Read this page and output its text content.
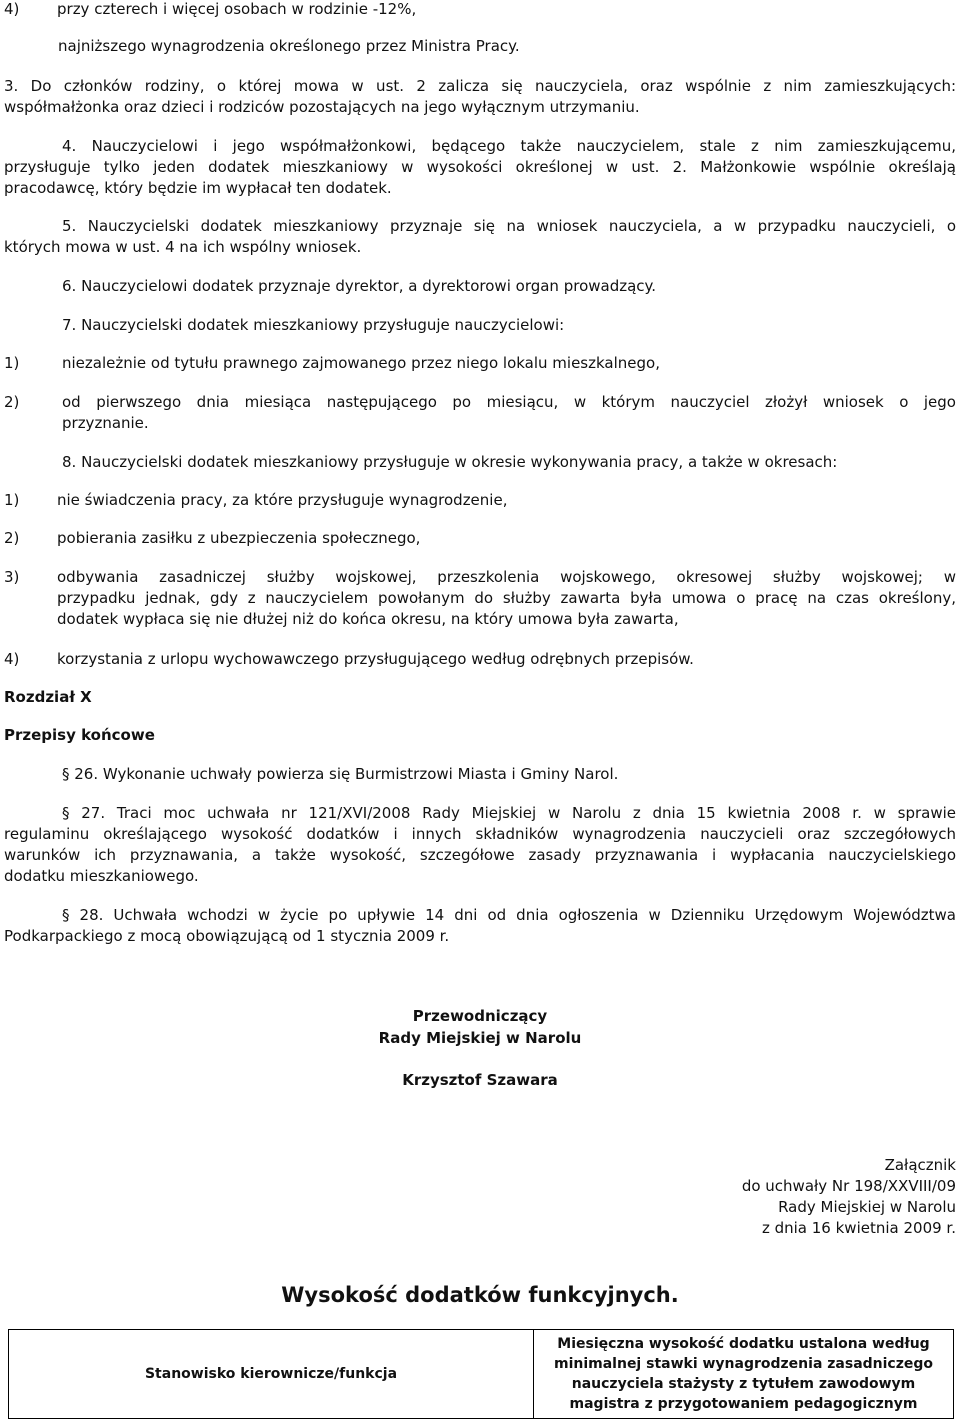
4)	przy czterech i więcej osobach w rodzinie -12%,
najniższego wynagrodzenia określonego przez Ministra Pracy.
3. Do członków rodziny, o której mowa w ust. 2 zalicza się nauczyciela, oraz wspólnie z nim zamieszkujących:
współmałżonka oraz dzieci i rodziców pozostających na jego wyłącznym utrzymaniu.
4. Nauczycielowi i jego współmałżonkowi, będącego także nauczycielem, stale z nim zamieszkującemu,
przysługuje tylko jeden dodatek mieszkaniowy w wysokości określonej w ust. 2. Małżonkowie wspólnie określają
pracodawcę, który będzie im wypłacał ten dodatek.
5. Nauczycielski dodatek mieszkaniowy przyznaje się na wniosek nauczyciela, a w przypadku nauczycieli, o
których mowa w ust. 4 na ich wspólny wniosek.
6. Nauczycielowi dodatek przyznaje dyrektor, a dyrektorowi organ prowadzący.
7. Nauczycielski dodatek mieszkaniowy przysługuje nauczycielowi:
1)	niezależnie od tytułu prawnego zajmowanego przez niego lokalu mieszkalnego,
2)	od pierwszego dnia miesiąca następującego po miesiącu, w którym nauczyciel złożył wniosek o jego
przyznanie.
8. Nauczycielski dodatek mieszkaniowy przysługuje w okresie wykonywania pracy, a także w okresach:
1)	nie świadczenia pracy, za które przysługuje wynagrodzenie,
2)	pobierania zasiłku z ubezpieczenia społecznego,
3)	odbywania zasadniczej służby wojskowej, przeszkolenia wojskowego, okresowej służby wojskowej; w
przypadku jednak, gdy z nauczycielem powołanym do służby zawarta była umowa o pracę na czas określony,
dodatek wypłaca się nie dłużej niż do końca okresu, na który umowa była zawarta,
4)	korzystania z urlopu wychowawczego przysługującego według odrębnych przepisów.
Rozdział X
Przepisy końcowe
§ 26. Wykonanie uchwały powierza się Burmistrzowi Miasta i Gminy Narol.
§ 27. Traci moc uchwała nr 121/XVI/2008 Rady Miejskiej w Narolu z dnia 15 kwietnia 2008 r. w sprawie
regulaminu określającego wysokość dodatków i innych składników wynagrodzenia nauczycieli oraz szczegółowych
warunków ich przyznawania, a także wysokość, szczegółowe zasady przyznawania i wypłacania nauczycielskiego
dodatku mieszkaniowego.
§ 28. Uchwała wchodzi w życie po upływie 14 dni od dnia ogłoszenia w Dzienniku Urzędowym Województwa
Podkarpackiego z mocą obowiązującą od 1 stycznia 2009 r.
Przewodniczący
Rady Miejskiej w Narolu
Krzysztof Szawara
Załącznik
do uchwały Nr 198/XXVIII/09
Rady Miejskiej w Narolu
z dnia 16 kwietnia 2009 r.
Wysokość dodatków funkcyjnych.
Stanowisko kierownicze/funkcja	Miesięczna wysokość dodatku ustalona według minimalnej stawki wynagrodzenia zasadniczego nauczyciela stażysty z tytułem zawodowym magistra z przygotowaniem pedagogicznym
